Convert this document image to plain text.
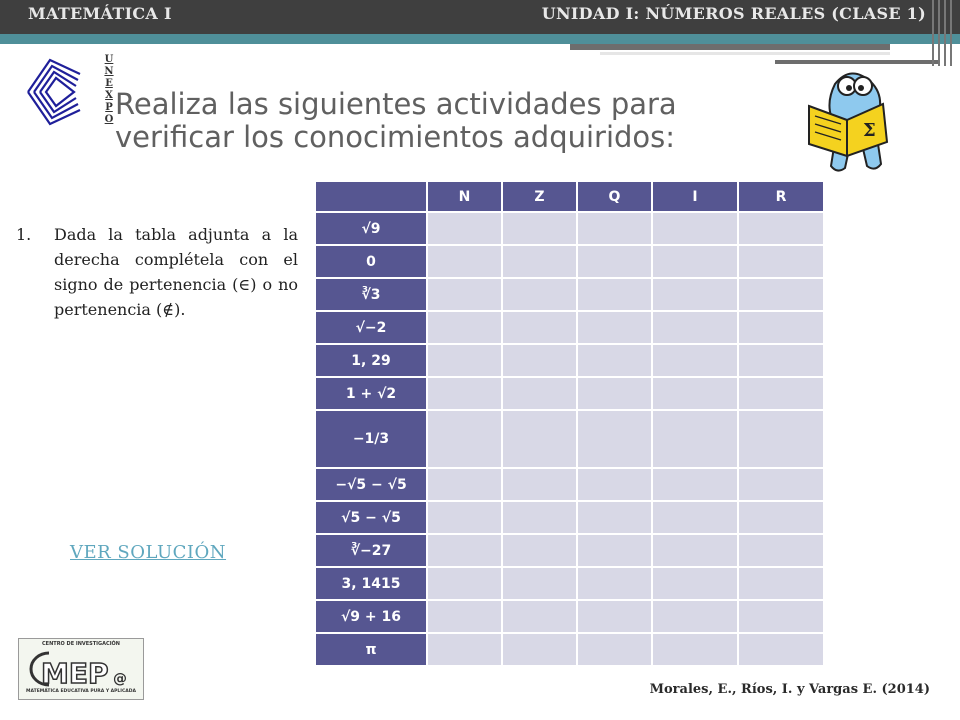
MATEMÁTICA I	UNIDAD I: NÚMEROS REALES (CLASE 1)
U
N
E
X
P
O Realiza las siguientes actividades para
verificar los conocimientos adquiridos:	Σ
1. Dada la tabla adjunta a la derecha complétela con el signo de pertenencia (∈) o no pertenencia (∉).
VER SOLUCIÓN
	N	Z	Q	I	R
√9					
0					
∛3					
√−2					
1, 29					
1 + √2					
−1/3					
−√5 − √5					
√5 − √5					
∛−27					
3, 1415					
√9 + 16					
π					
CENTRO DE INVESTIGACIÓN
MEP @
MATEMÁTICA EDUCATIVA PURA Y APLICADA	Morales, E., Ríos, I. y Vargas E. (2014)
